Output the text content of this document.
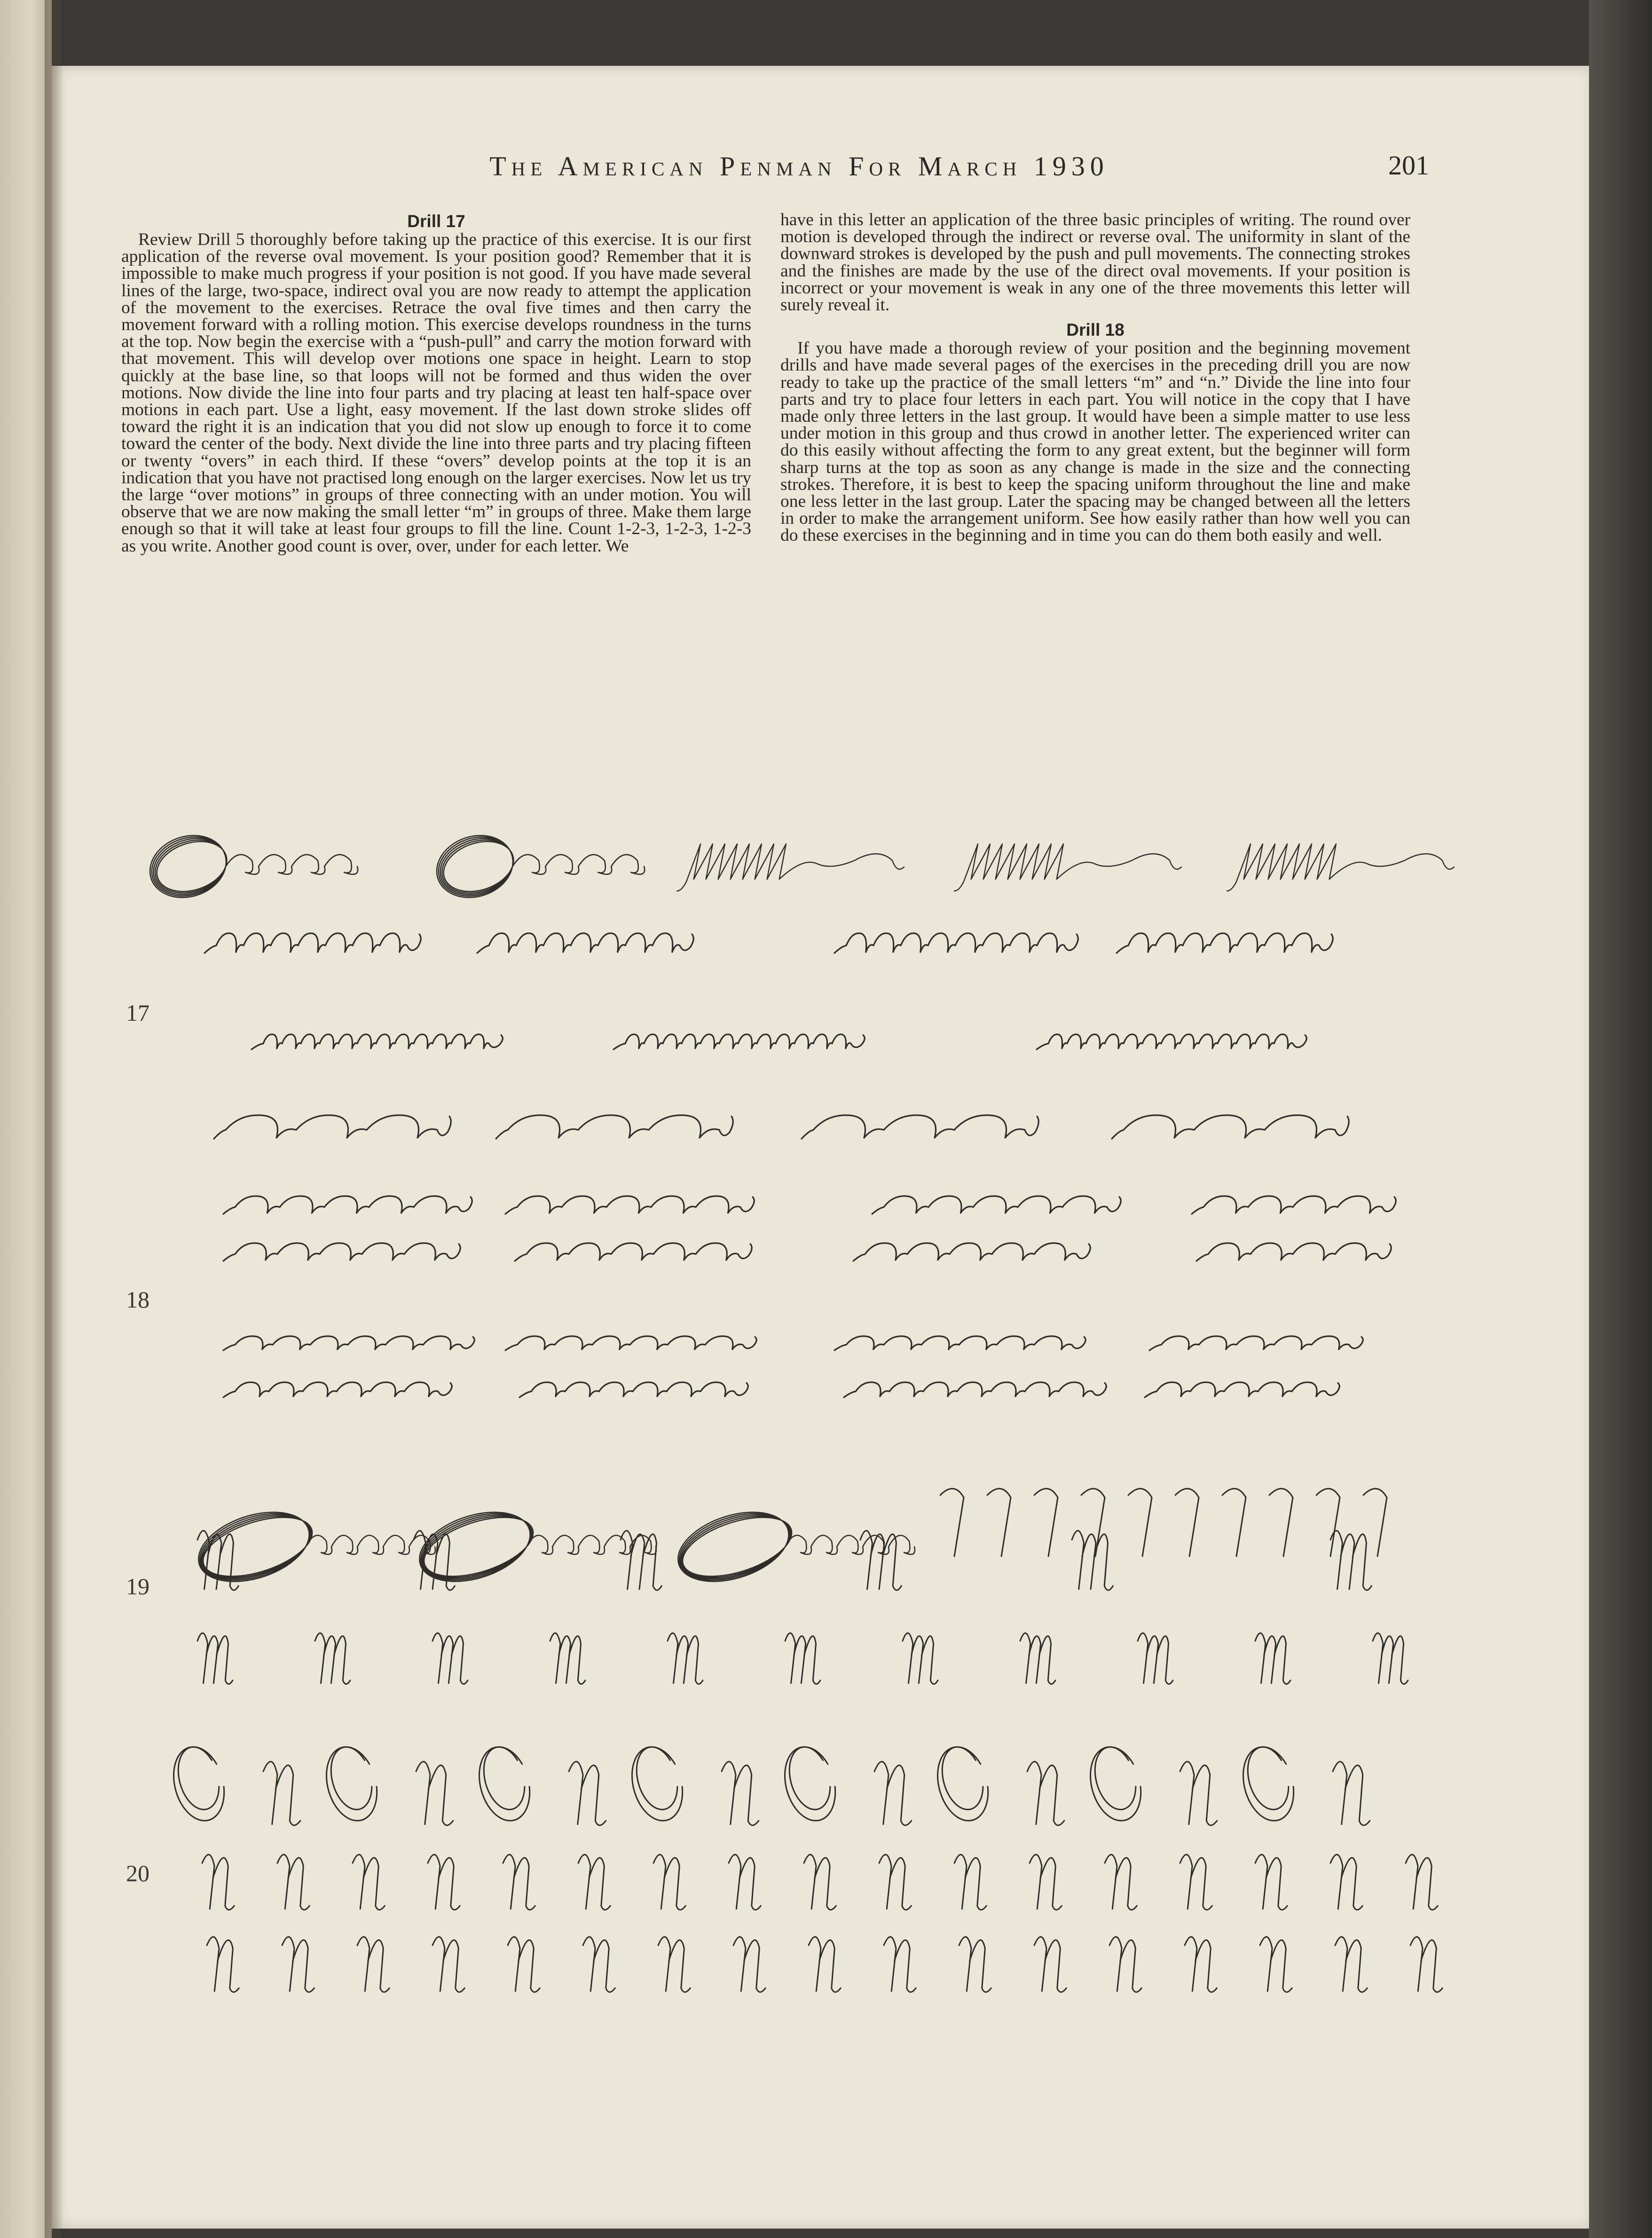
The American Penman For March 1930	201
Drill 17

Review Drill 5 thoroughly before taking up the practice of this exercise. It is our first application of the reverse oval movement. Is your position good? Remember that it is impossible to make much progress if your position is not good. If you have made several lines of the large, two-space, indirect oval you are now ready to attempt the application of the movement to the exercises. Retrace the oval five times and then carry the movement forward with a rolling motion. This exercise develops roundness in the turns at the top. Now begin the exercise with a “push-pull” and carry the motion forward with that movement. This will develop over motions one space in height. Learn to stop quickly at the base line, so that loops will not be formed and thus widen the over motions. Now divide the line into four parts and try placing at least ten half-space over motions in each part. Use a light, easy movement. If the last down stroke slides off toward the right it is an indication that you did not slow up enough to force it to come toward the center of the body. Next divide the line into three parts and try placing fifteen or twenty “overs” in each third. If these “overs” develop points at the top it is an indication that you have not practised long enough on the larger exercises. Now let us try the large “over motions” in groups of three connecting with an under motion. You will observe that we are now making the small letter “m” in groups of three. Make them large enough so that it will take at least four groups to fill the line. Count 1-2-3, 1-2-3, 1-2-3 as you write. Another good count is over, over, under for each letter. We

have in this letter an application of the three basic principles of writing. The round over motion is developed through the indirect or reverse oval. The uniformity in slant of the downward strokes is developed by the push and pull movements. The connecting strokes and the finishes are made by the use of the direct oval movements. If your position is incorrect or your movement is weak in any one of the three movements this letter will surely reveal it.

Drill 18

If you have made a thorough review of your position and the beginning movement drills and have made several pages of the exercises in the preceding drill you are now ready to take up the practice of the small letters “m” and “n.” Divide the line into four parts and try to place four letters in each part. You will notice in the copy that I have made only three letters in the last group. It would have been a simple matter to use less under motion in this group and thus crowd in another letter. The experienced writer can do this easily without affecting the form to any great extent, but the beginner will form sharp turns at the top as soon as any change is made in the size and the connecting strokes. Therefore, it is best to keep the spacing uniform throughout the line and make one less letter in the last group. Later the spacing may be changed between all the letters in order to make the arrangement uniform. See how easily rather than how well you can do these exercises in the beginning and in time you can do them both easily and well.

17
18
19
20
